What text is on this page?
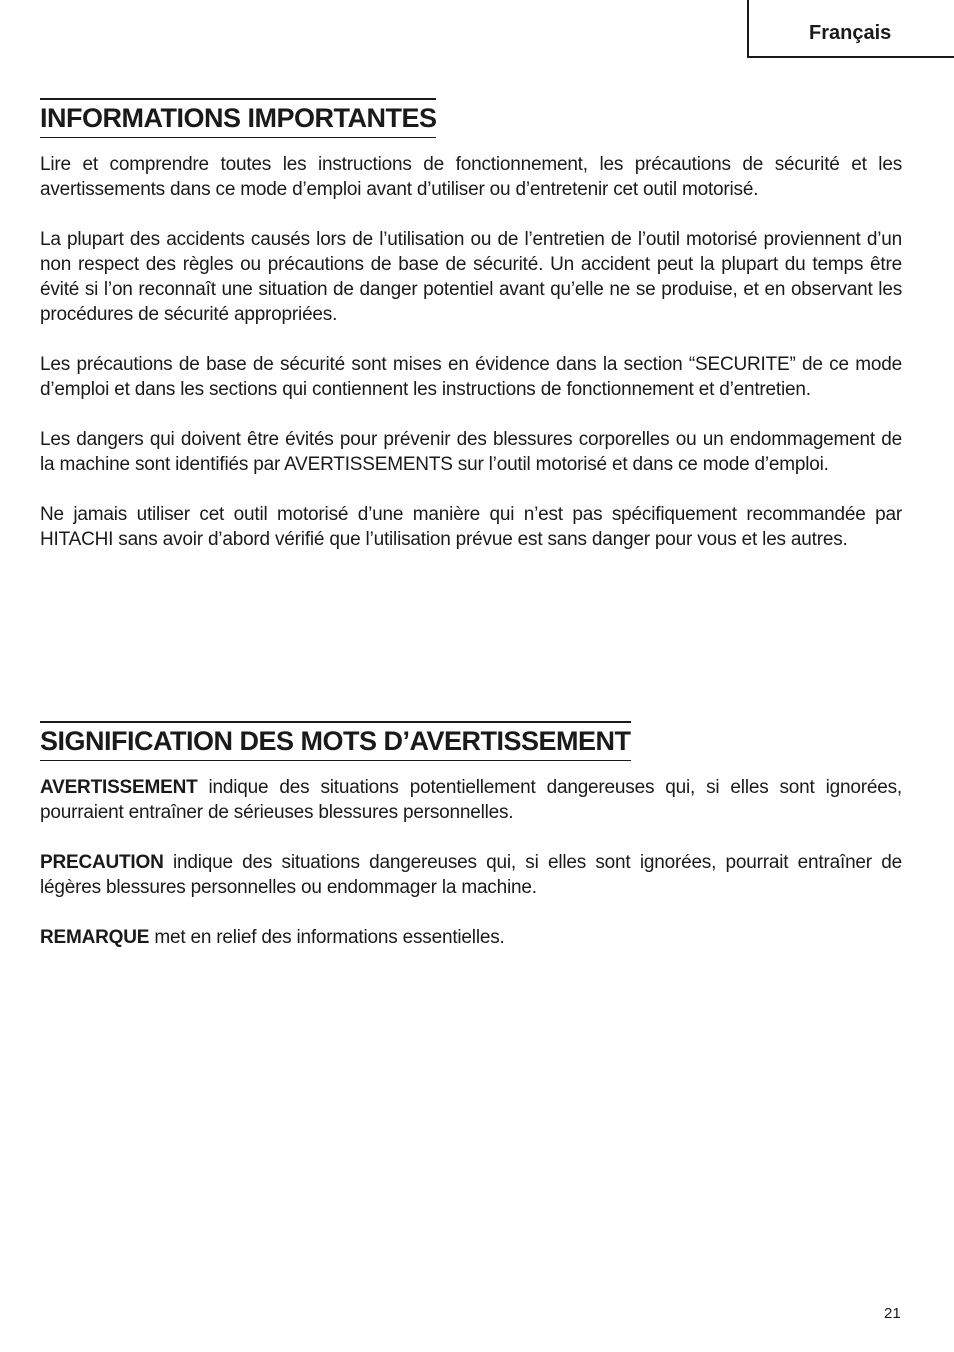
Français
INFORMATIONS IMPORTANTES

Lire et comprendre toutes les instructions de fonctionnement, les précautions de sécurité et les avertissements dans ce mode d’emploi avant d’utiliser ou d’entretenir cet outil motorisé.

La plupart des accidents causés lors de l’utilisation ou de l’entretien de l’outil motorisé proviennent d’un non respect des règles ou précautions de base de sécurité. Un accident peut la plupart du temps être évité si l’on reconnaît une situation de danger potentiel avant qu’elle ne se produise, et en observant les procédures de sécurité appropriées.

Les précautions de base de sécurité sont mises en évidence dans la section “SECURITE” de ce mode d’emploi et dans les sections qui contiennent les instructions de fonctionnement et d’entretien.

Les dangers qui doivent être évités pour prévenir des blessures corporelles ou un endommagement de la machine sont identifiés par AVERTISSEMENTS sur l’outil motorisé et dans ce mode d’emploi.

Ne jamais utiliser cet outil motorisé d’une manière qui n’est pas spécifiquement recommandée par HITACHI sans avoir d’abord vérifié que l’utilisation prévue est sans danger pour vous et les autres.

SIGNIFICATION DES MOTS D’AVERTISSEMENT

AVERTISSEMENT indique des situations potentiellement dangereuses qui, si elles sont ignorées, pourraient entraîner de sérieuses blessures personnelles.

PRECAUTION indique des situations dangereuses qui, si elles sont ignorées, pourrait entraîner de légères blessures personnelles ou endommager la machine.

REMARQUE met en relief des informations essentielles.

21
